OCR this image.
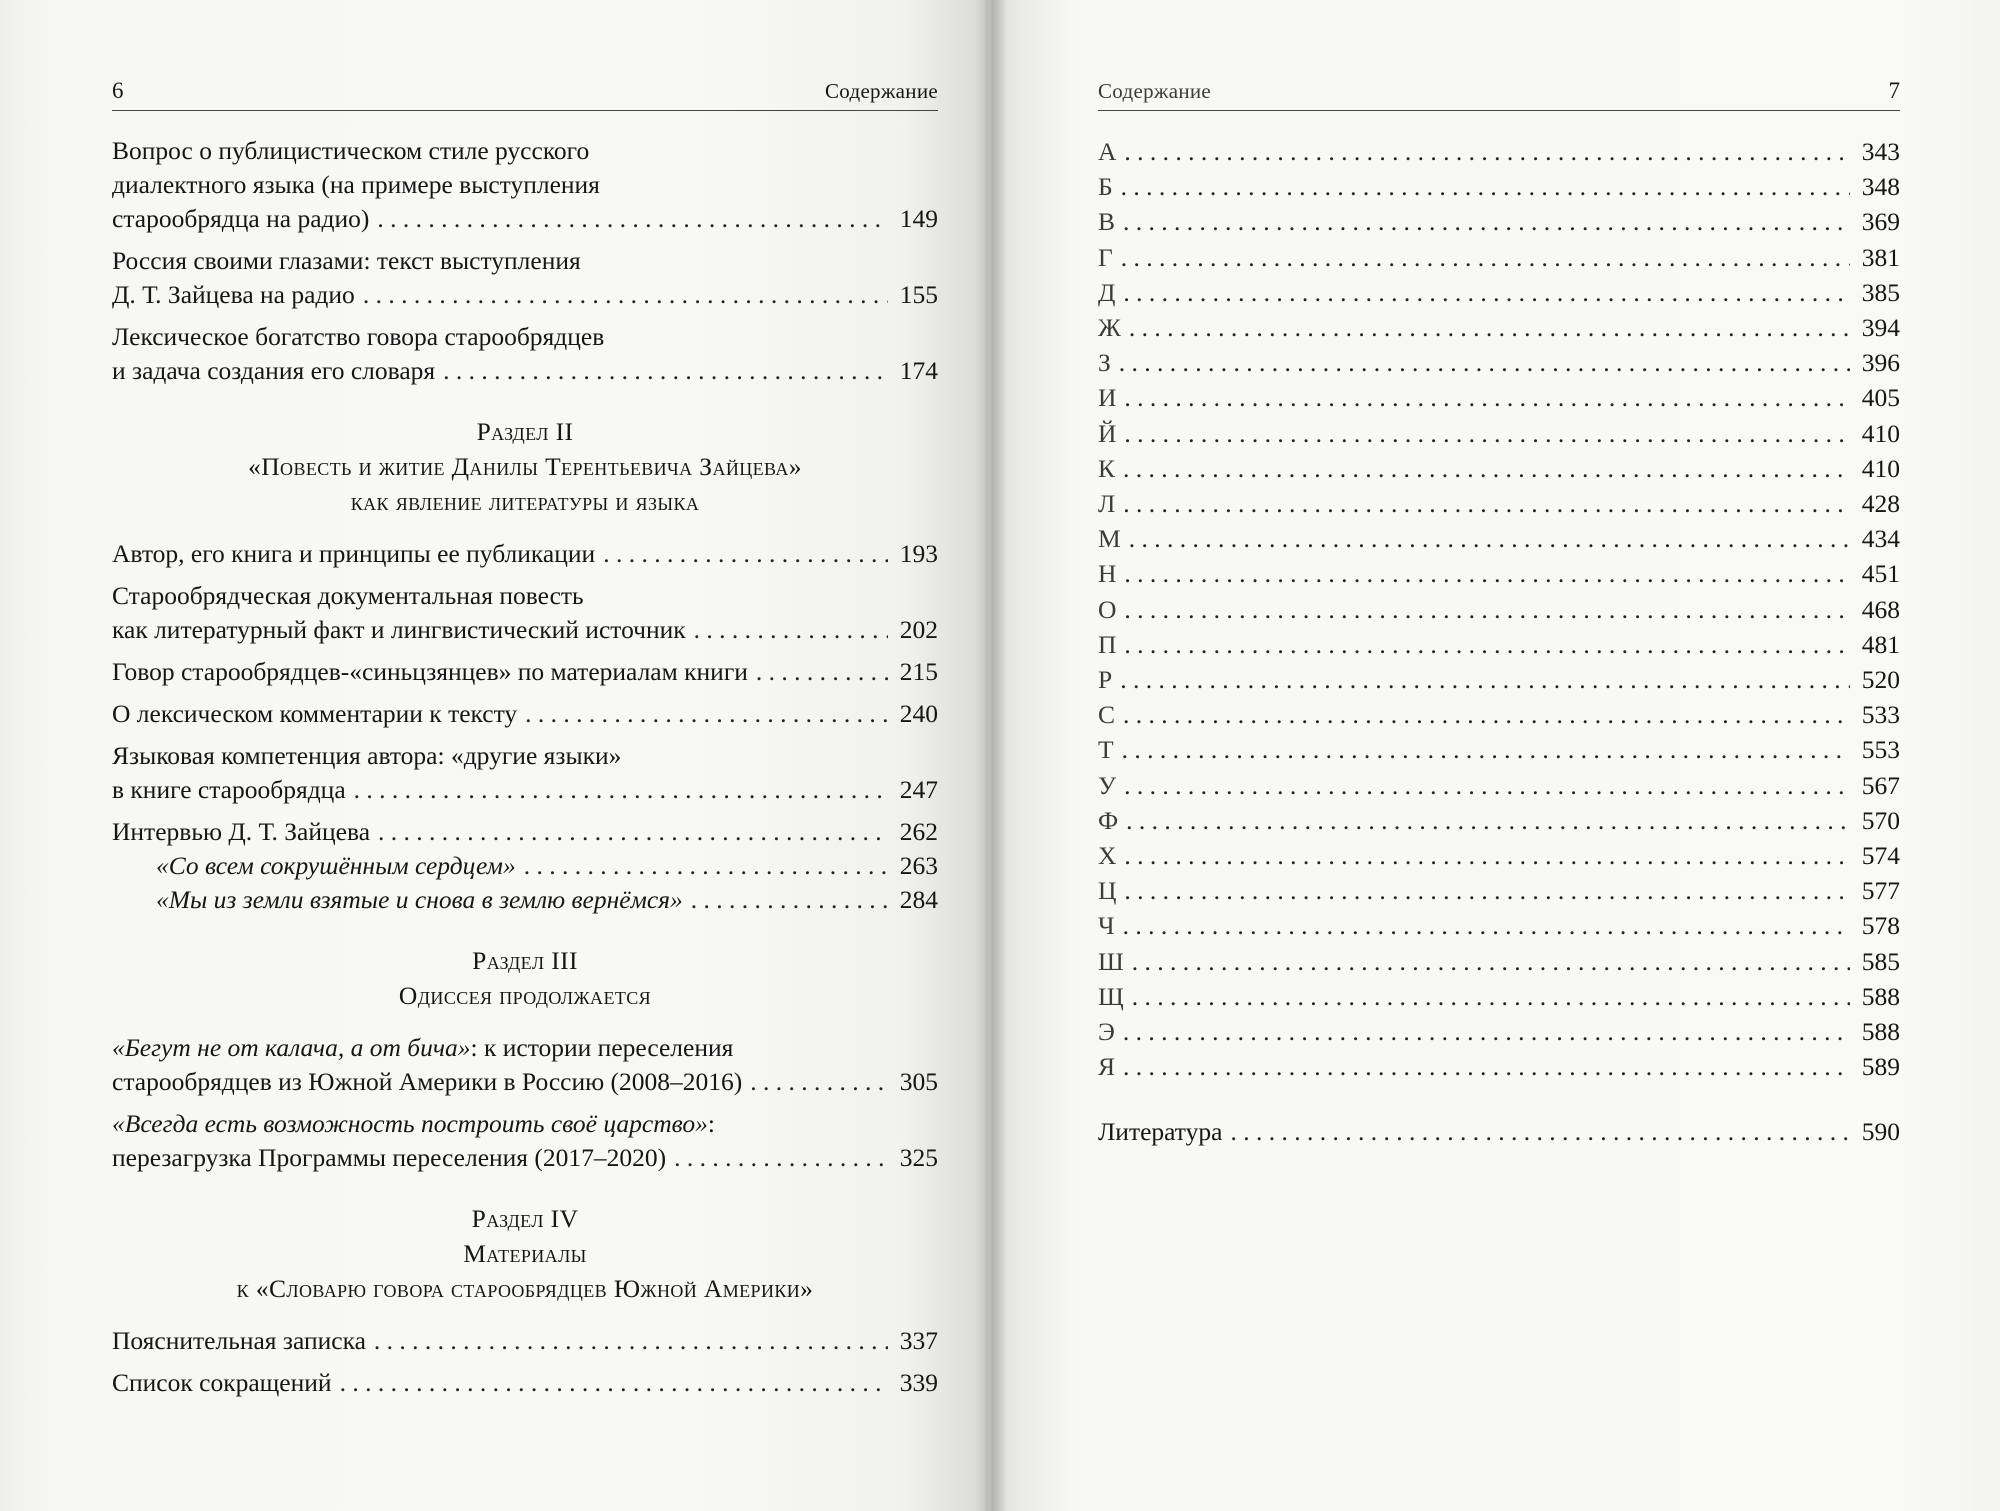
6	Содержание
Вопрос о публицистическом стиле русского
диалектного языка (на примере выступления
старообрядца на радио) . . .	149
Россия своими глазами: текст выступления
Д. Т. Зайцева на радио . . .	155
Лексическое богатство говора старообрядцев
и задача создания его словаря . . .	174
Раздел II
«Повесть и житие Данилы Терентьевича Зайцева»
как явление литературы и языка
Автор, его книга и принципы ее публикации . . .	193
Старообрядческая документальная повесть
как литературный факт и лингвистический источник . . .	202
Говор старообрядцев-«синьцзянцев» по материалам книги . . .	215
О лексическом комментарии к тексту . . .	240
Языковая компетенция автора: «другие языки»
в книге старообрядца . . .	247
Интервью Д. Т. Зайцева . . .	262
«Со всем сокрушённым сердцем» . . .	263
«Мы из земли взятые и снова в землю вернёмся» . . .	284
Раздел III
Одиссея продолжается
«Бегут не от калача, а от бича»: к истории переселения
старообрядцев из Южной Америки в Россию (2008–2016) . . .	305
«Всегда есть возможность построить своё царство»:
перезагрузка Программы переселения (2017–2020) . . .	325
Раздел IV
Материалы
к «Словарю говора старообрядцев Южной Америки»
Пояснительная записка . . .	337
Список сокращений . . .	339
Содержание	7
А . . .	343
Б . . .	348
В . . .	369
Г . . .	381
Д . . .	385
Ж . . .	394
З . . .	396
И . . .	405
Й . . .	410
К . . .	410
Л . . .	428
М . . .	434
Н . . .	451
О . . .	468
П . . .	481
Р . . .	520
С . . .	533
Т . . .	553
У . . .	567
Ф . . .	570
Х . . .	574
Ц . . .	577
Ч . . .	578
Ш . . .	585
Щ . . .	588
Э . . .	588
Я . . .	589
Литература . . .	590
